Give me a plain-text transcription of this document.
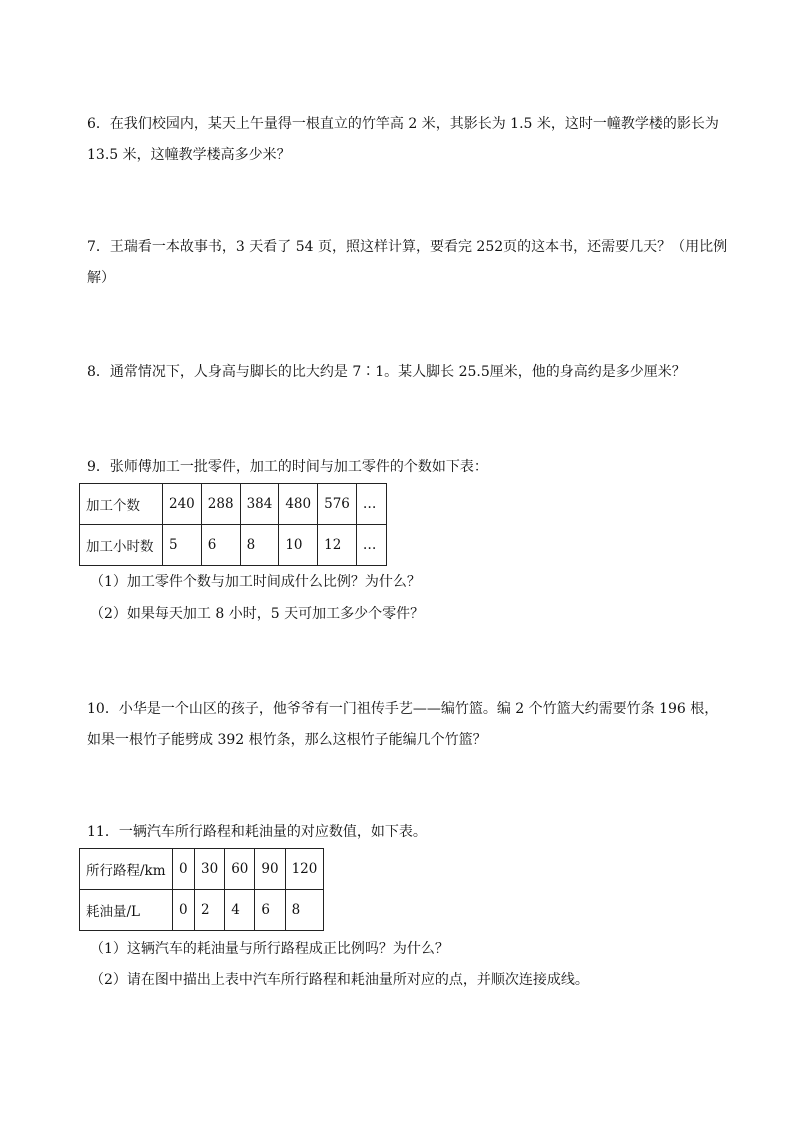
6．在我们校园内，某天上午量得一根直立的竹竿高 2 米，其影长为 1.5 米，这时一幢教学楼的影长为
13.5 米，这幢教学楼高多少米？
7．王瑞看一本故事书，3 天看了 54 页，照这样计算，要看完 252页的这本书，还需要几天？（用比例
解）
8．通常情况下，人身高与脚长的比大约是 7∶1。某人脚长 25.5厘米，他的身高约是多少厘米？
9．张师傅加工一批零件，加工的时间与加工零件的个数如下表：
加工个数	240	288	384	480	576	…
加工小时数	5	6	8	10	12	…
（1）加工零件个数与加工时间成什么比例？为什么？
（2）如果每天加工 8 小时，5 天可加工多少个零件？
10．小华是一个山区的孩子，他爷爷有一门祖传手艺——编竹篮。编 2 个竹篮大约需要竹条 196 根，
如果一根竹子能劈成 392 根竹条，那么这根竹子能编几个竹篮？
11．一辆汽车所行路程和耗油量的对应数值，如下表。
所行路程/km	0	30	60	90	120
耗油量/L	0	2	4	6	8
（1）这辆汽车的耗油量与所行路程成正比例吗？为什么？
（2）请在图中描出上表中汽车所行路程和耗油量所对应的点，并顺次连接成线。
